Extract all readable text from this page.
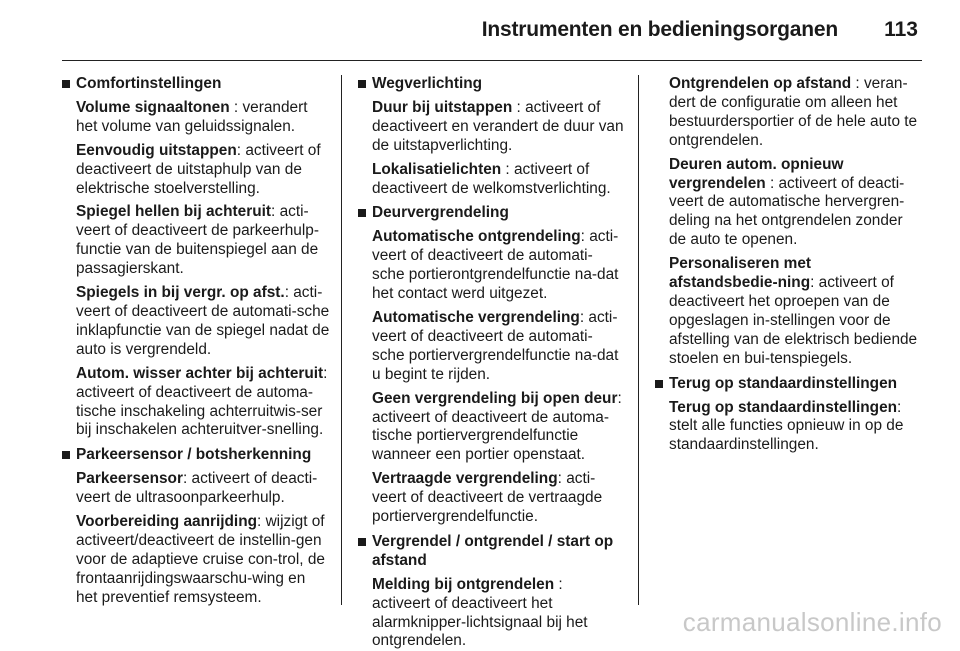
Instrumenten en bedieningsorganen 113
Comfortinstellingen
Volume signaaltonen : verandert het volume van geluidssignalen.
Eenvoudig uitstappen: activeert of deactiveert de uitstaphulp van de elektrische stoelverstelling.
Spiegel hellen bij achteruit: acti-veert of deactiveert de parkeerhulp-functie van de buitenspiegel aan de passagierskant.
Spiegels in bij vergr. op afst.: acti-veert of deactiveert de automati-sche inklapfunctie van de spiegel nadat de auto is vergrendeld.
Autom. wisser achter bij achteruit: activeert of deactiveert de automa-tische inschakeling achterruitwis-ser bij inschakelen achteruitver-snelling.
Parkeersensor / botsherkenning
Parkeersensor: activeert of deacti-veert de ultrasoonparkeerhulp.
Voorbereiding aanrijding: wijzigt of activeert/deactiveert de instellin-gen voor de adaptieve cruise con-trol, de frontaanrijdingswaarschu-wing en het preventief remsysteem.
Wegverlichting
Duur bij uitstappen : activeert of deactiveert en verandert de duur van de uitstapverlichting.
Lokalisatielichten : activeert of deactiveert de welkomstverlichting.
Deurvergrendeling
Automatische ontgrendeling: acti-veert of deactiveert de automati-sche portierontgrendelfunctie na-dat het contact werd uitgezet.
Automatische vergrendeling: acti-veert of deactiveert de automati-sche portiervergrendelfunctie na-dat u begint te rijden.
Geen vergrendeling bij open deur: activeert of deactiveert de automa-tische portiervergrendelfunctie wanneer een portier openstaat.
Vertraagde vergrendeling: acti-veert of deactiveert de vertraagde portiervergrendelfunctie.
Vergrendel / ontgrendel / start op afstand
Melding bij ontgrendelen : activeert of deactiveert het alarmknipper-lichtsignaal bij het ontgrendelen.
Ontgrendelen op afstand : veran-dert de configuratie om alleen het bestuurdersportier of de hele auto te ontgrendelen.
Deuren autom. opnieuw vergrendelen : activeert of deacti-veert de automatische hervergren-deling na het ontgrendelen zonder de auto te openen.
Personaliseren met afstandsbedie-ning: activeert of deactiveert het oproepen van de opgeslagen in-stellingen voor de afstelling van de elektrisch bediende stoelen en bui-tenspiegels.
Terug op standaardinstellingen
Terug op standaardinstellingen: stelt alle functies opnieuw in op de standaardinstellingen.
carmanualsonline.info
